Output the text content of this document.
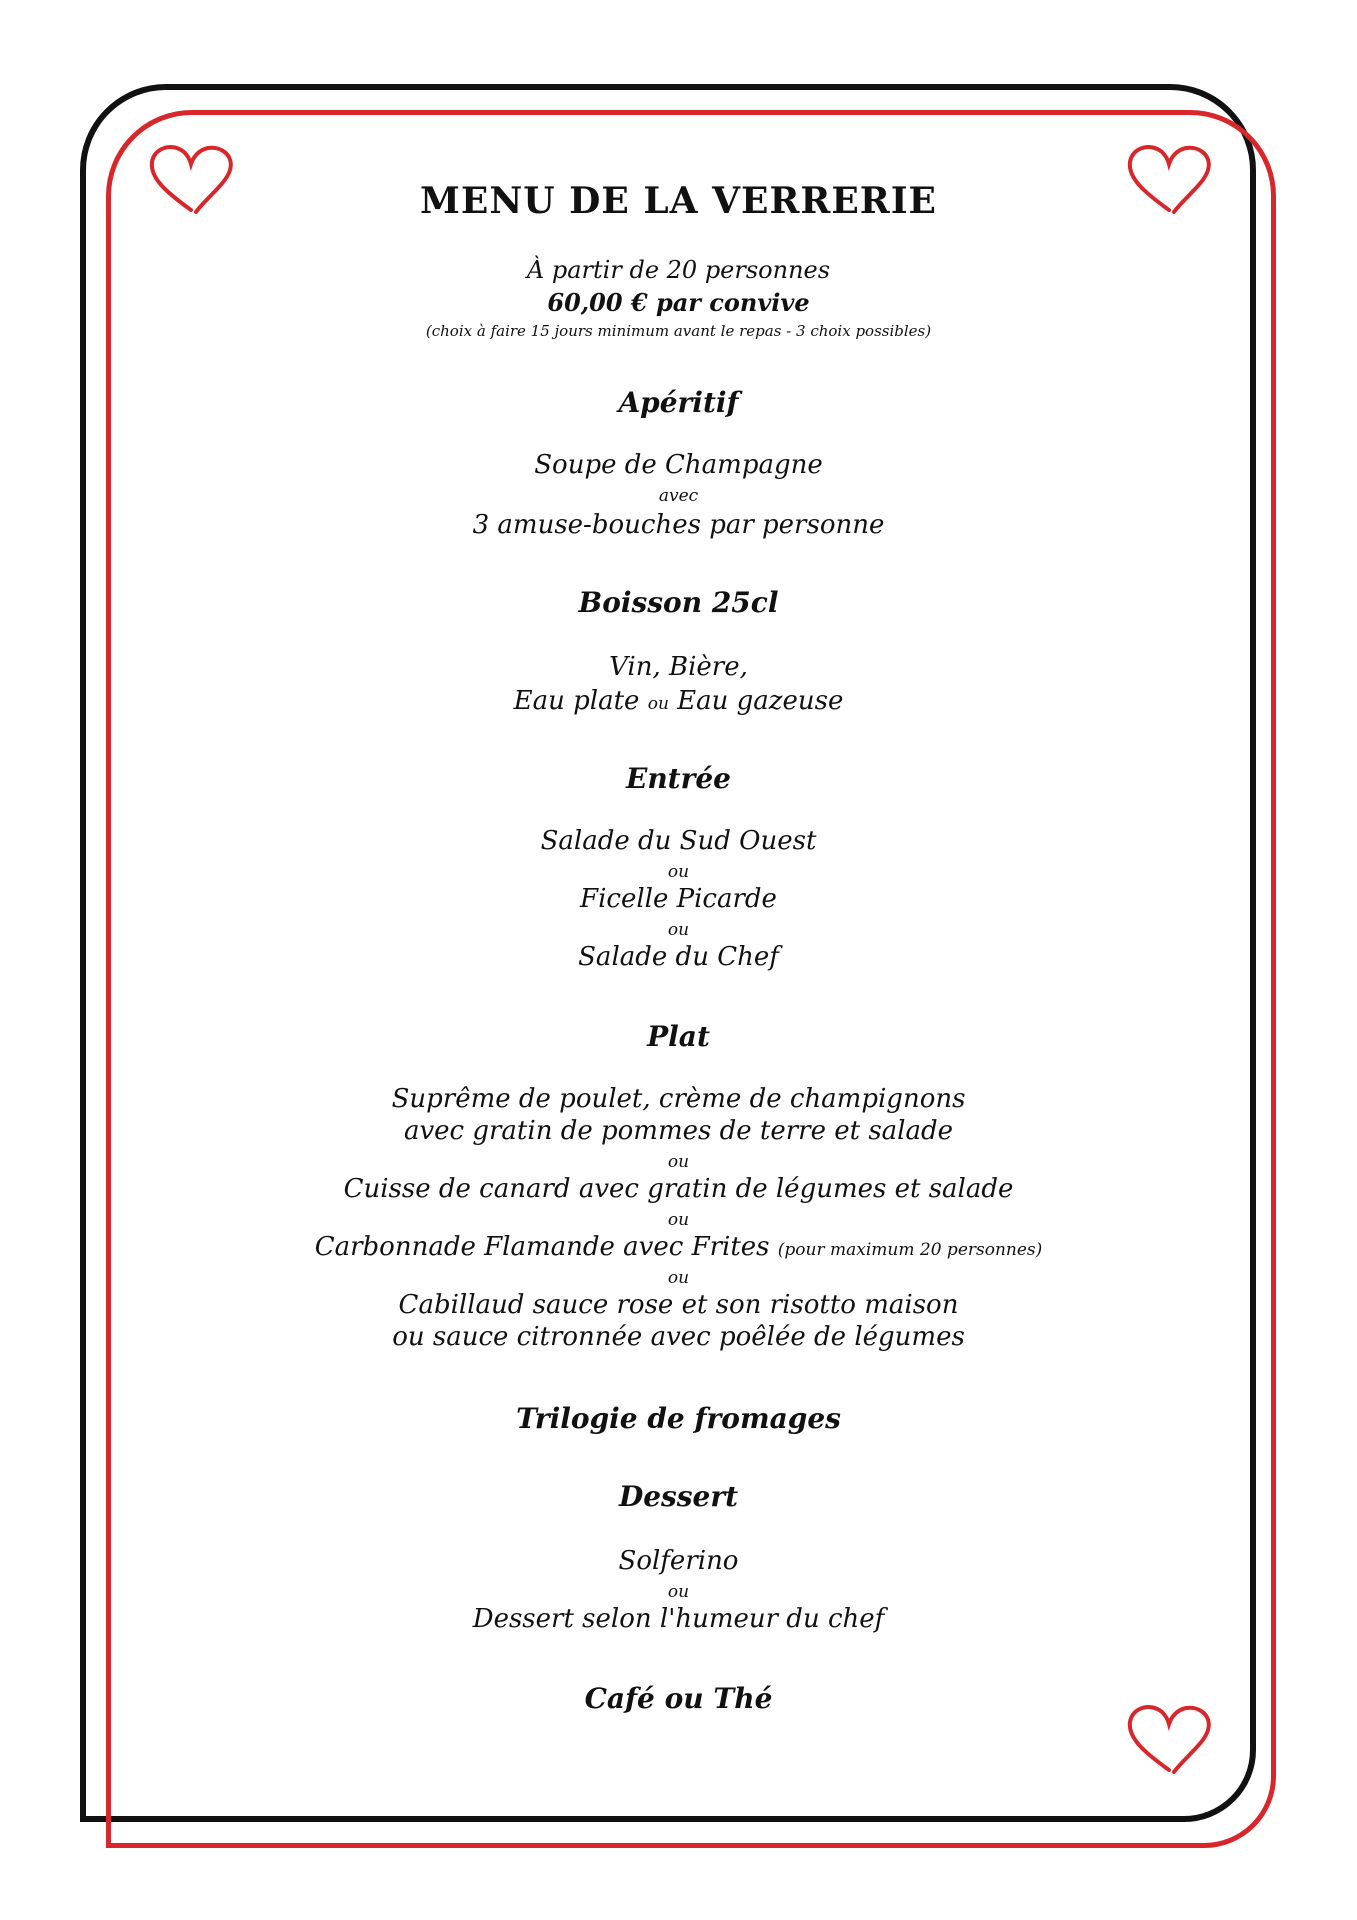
MENU DE LA VERRERIE

À partir de 20 personnes

60,00 € par convive

(choix à faire 15 jours minimum avant le repas - 3 choix possibles)

Apéritif

Soupe de Champagne

avec

3 amuse-bouches par personne

Boisson 25cl

Vin, Bière,

Eau plate ou Eau gazeuse

Entrée

Salade du Sud Ouest

ou

Ficelle Picarde

ou

Salade du Chef

Plat

Suprême de poulet, crème de champignons

avec gratin de pommes de terre et salade

ou

Cuisse de canard avec gratin de légumes et salade

ou

Carbonnade Flamande avec Frites (pour maximum 20 personnes)

ou

Cabillaud sauce rose et son risotto maison

ou sauce citronnée avec poêlée de légumes

Trilogie de fromages

Dessert

Solferino

ou

Dessert selon l'humeur du chef

Café ou Thé
